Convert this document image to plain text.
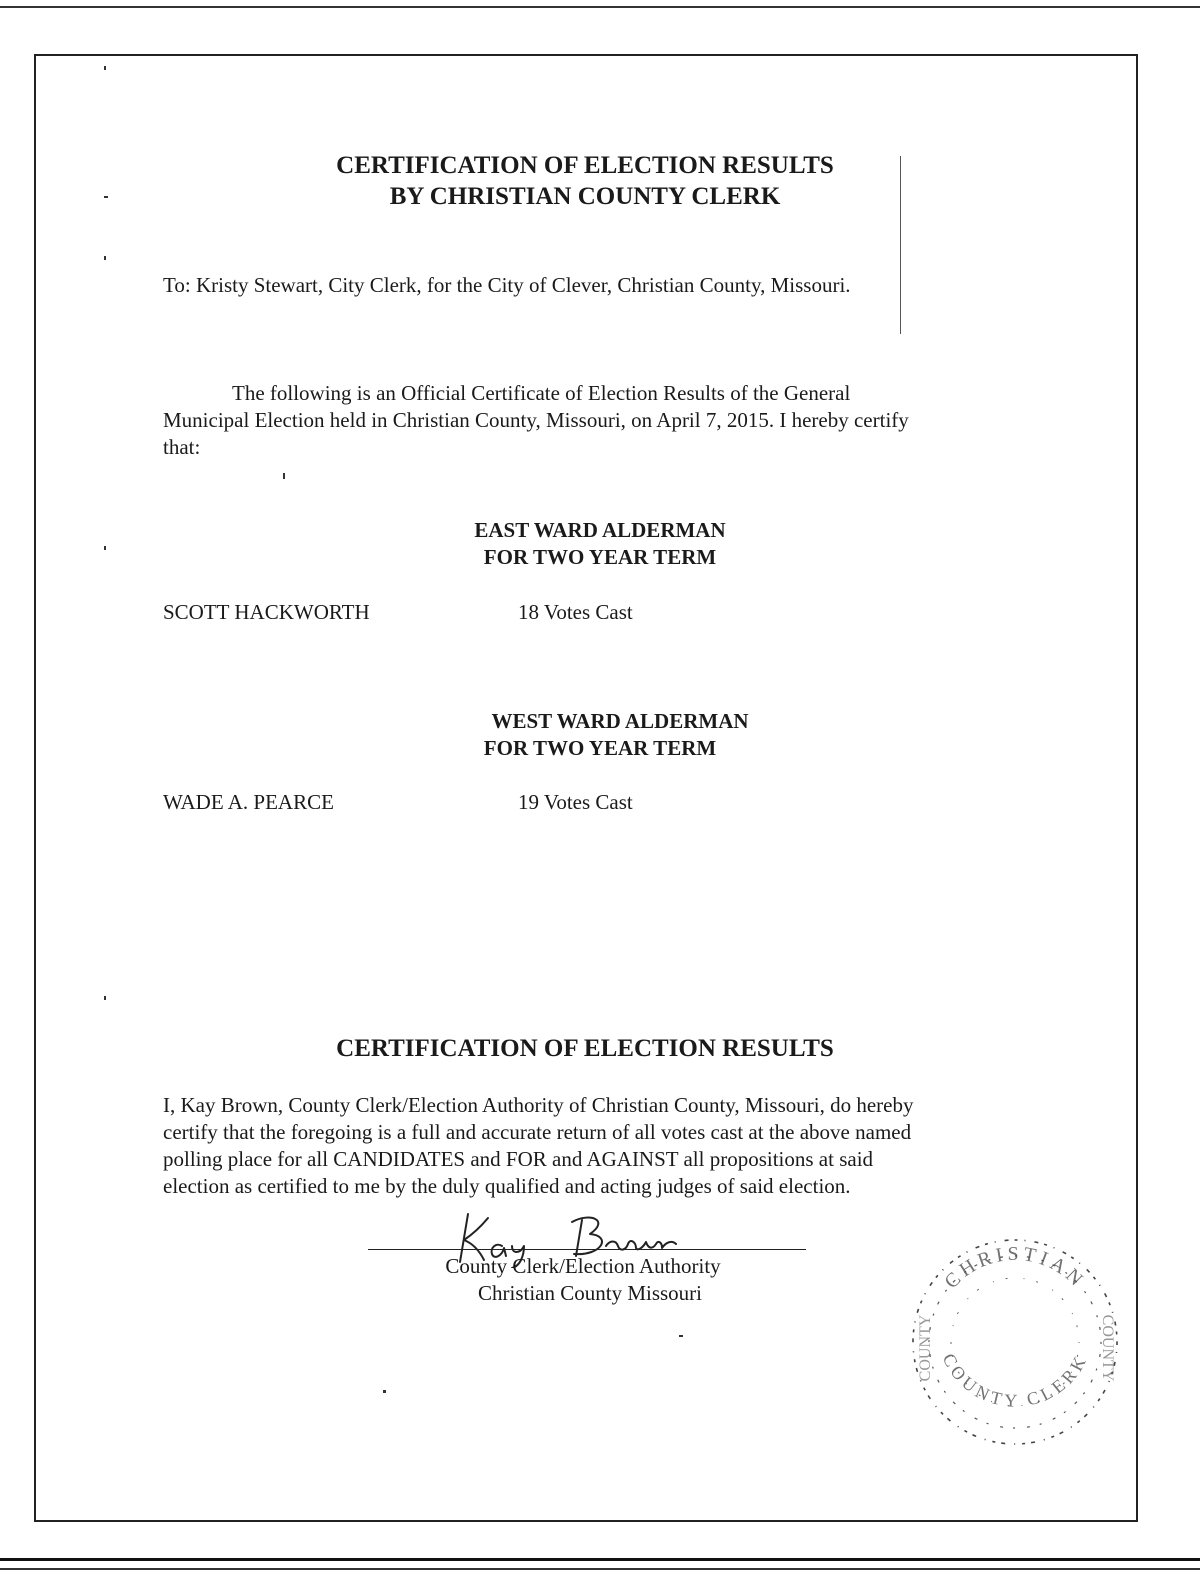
CERTIFICATION OF ELECTION RESULTS
BY CHRISTIAN COUNTY CLERK
To: Kristy Stewart, City Clerk, for the City of Clever, Christian County, Missouri.
The following is an Official Certificate of Election Results of the General
Municipal Election held in Christian County, Missouri, on April 7, 2015. I hereby certify
that:
EAST WARD ALDERMAN
FOR TWO YEAR TERM
SCOTT HACKWORTH	18 Votes Cast
WEST WARD ALDERMAN
FOR TWO YEAR TERM
WADE A. PEARCE	19 Votes Cast
CERTIFICATION OF ELECTION RESULTS
I, Kay Brown, County Clerk/Election Authority of Christian County, Missouri, do hereby
certify that the foregoing is a full and accurate return of all votes cast at the above named
polling place for all CANDIDATES and FOR and AGAINST all propositions at said
election as certified to me by the duly qualified and acting judges of said election.
County Clerk/Election Authority
Christian County Missouri	CHRISTIAN
COUNTY CLERK
COUNTY	COUNTY
